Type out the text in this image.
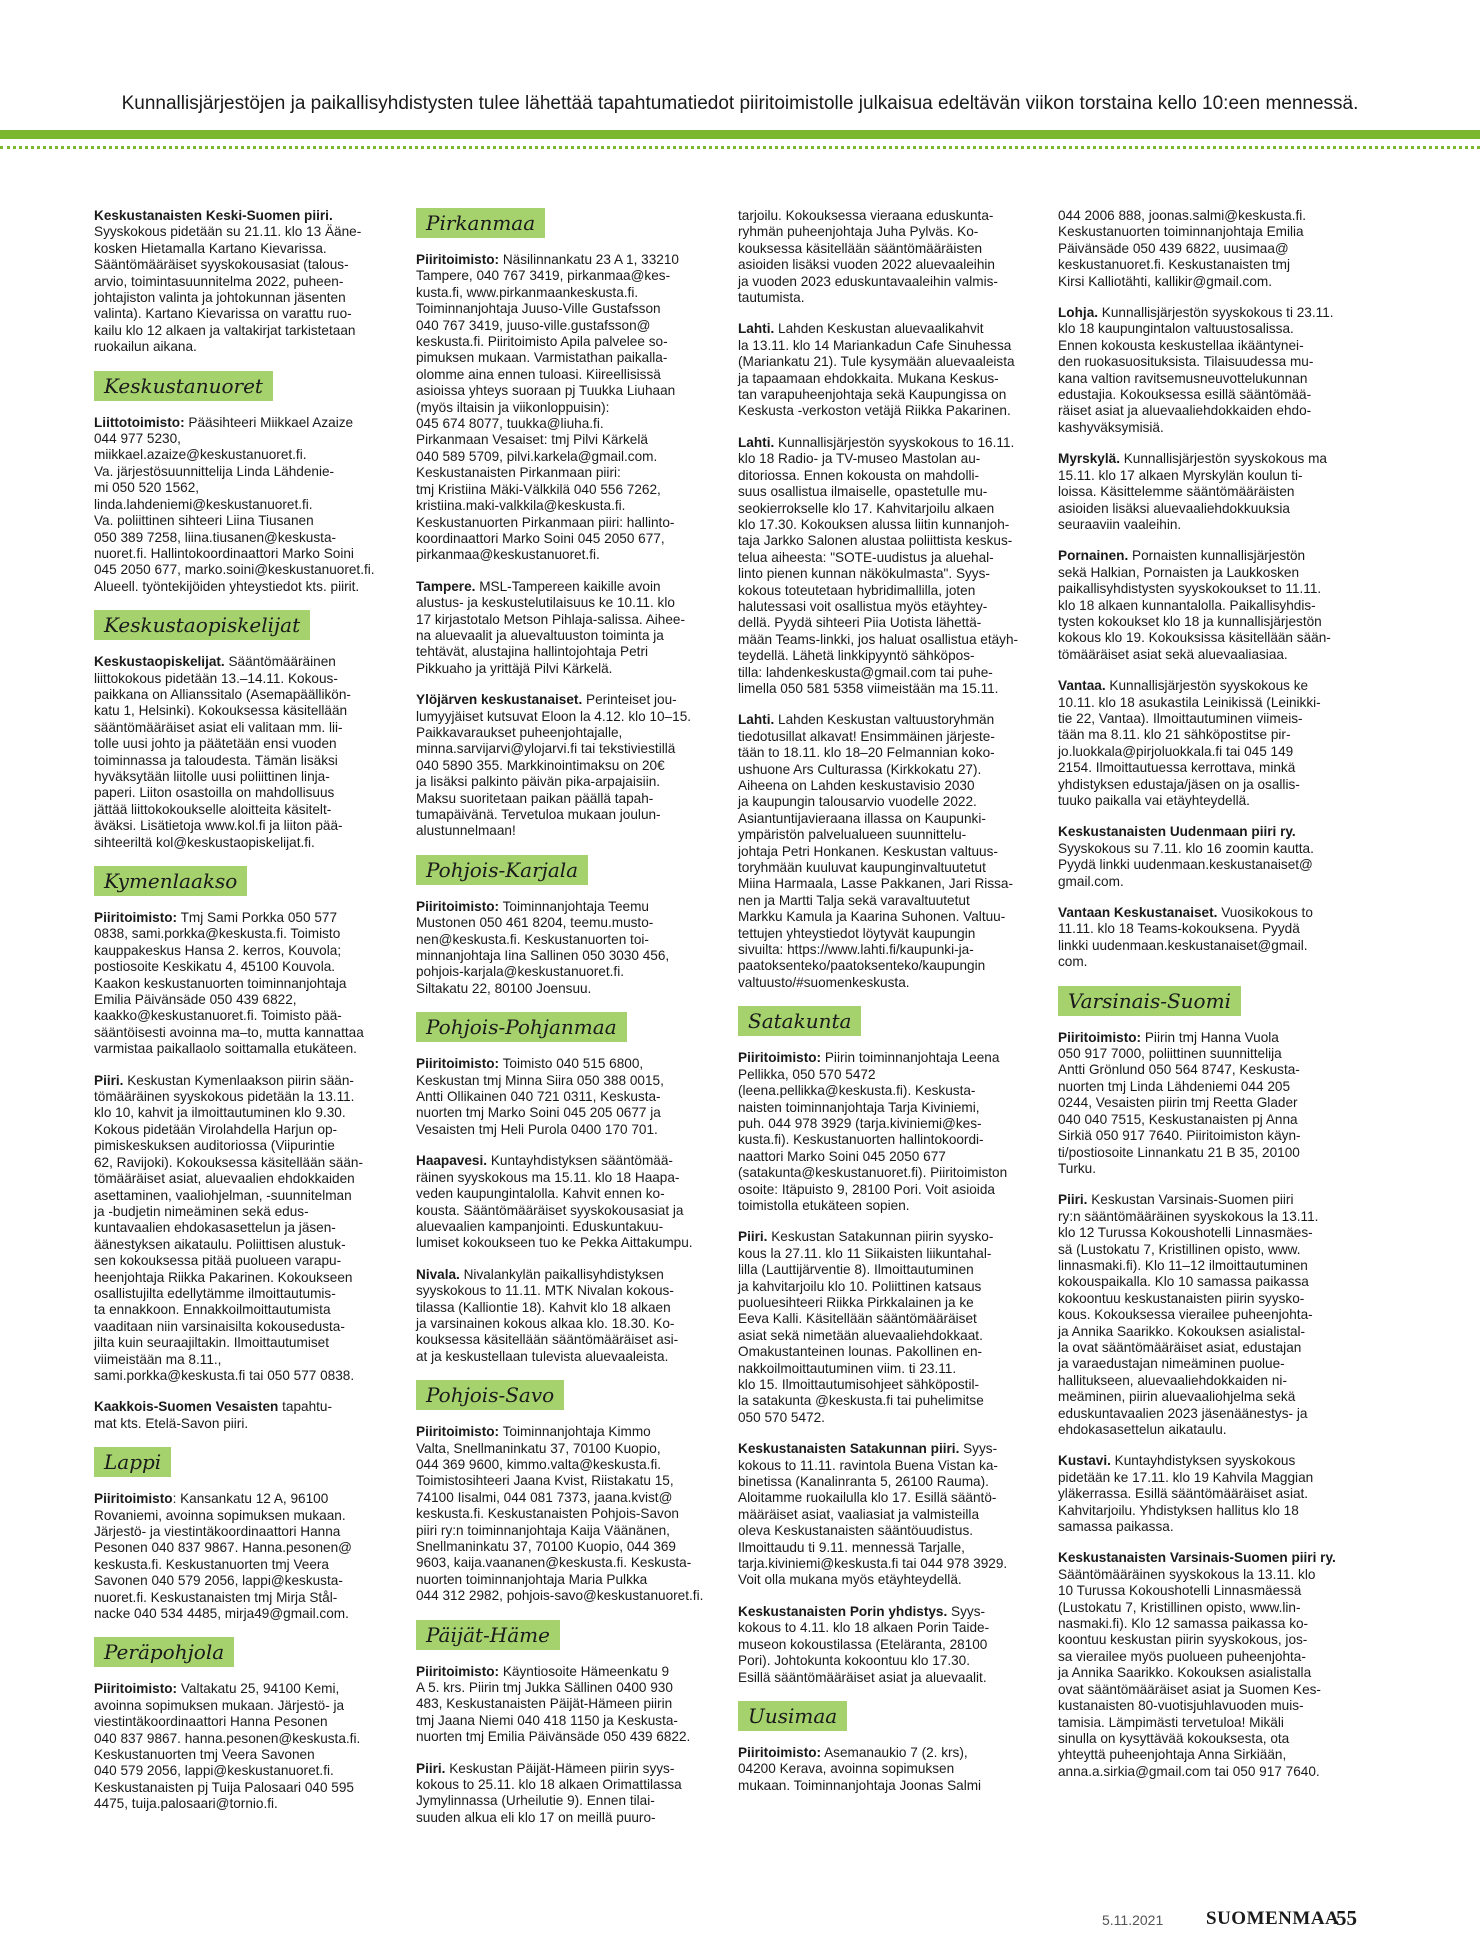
Kunnallisjärjestöjen ja paikallisyhdistysten tulee lähettää tapahtumatiedot piiritoimistolle julkaisua edeltävän viikon torstaina kello 10:een mennessä.
Keskustanaisten Keski-Suomen piiri.
Syyskokous pidetään su 21.11. klo 13 Ääne-
kosken Hietamalla Kartano Kievarissa.
Sääntömääräiset syyskokousasiat (talous-
arvio, toimintasuunnitelma 2022, puheen-
johtajiston valinta ja johtokunnan jäsenten
valinta). Kartano Kievarissa on varattu ruo-
kailu klo 12 alkaen ja valtakirjat tarkistetaan
ruokailun aikana.
Keskustanuoret
Liittotoimisto: Pääsihteeri Miikkael Azaize
044 977 5230,
miikkael.azaize@keskustanuoret.fi.
Va. järjestösuunnittelija Linda Lähdenie-
mi 050 520 1562,
linda.lahdeniemi@keskustanuoret.fi.
Va. poliittinen sihteeri Liina Tiusanen
050 389 7258, liina.tiusanen@keskusta-
nuoret.fi. Hallintokoordinaattori Marko Soini
045 2050 677, marko.soini@keskustanuoret.fi.
Alueell. työntekijöiden yhteystiedot kts. piirit.
Keskustaopiskelijat
Keskustaopiskelijat. Sääntömääräinen
liittokokous pidetään 13.–14.11. Kokous-
paikkana on Allianssitalo (Asemapäällikön-
katu 1, Helsinki). Kokouksessa käsitellään
sääntömääräiset asiat eli valitaan mm. lii-
tolle uusi johto ja päätetään ensi vuoden
toiminnassa ja taloudesta. Tämän lisäksi
hyväksytään liitolle uusi poliittinen linja-
paperi. Liiton osastoilla on mahdollisuus
jättää liittokokoukselle aloitteita käsitelt-
äväksi. Lisätietoja www.kol.fi ja liiton pää-
sihteeriltä kol@keskustaopiskelijat.fi.
Kymenlaakso
Piiritoimisto: Tmj Sami Porkka 050 577
0838, sami.porkka@keskusta.fi. Toimisto
kauppakeskus Hansa 2. kerros, Kouvola;
postiosoite Keskikatu 4, 45100 Kouvola.
Kaakon keskustanuorten toiminnanjohtaja
Emilia Päivänsäde 050 439 6822,
kaakko@keskustanuoret.fi. Toimisto pää-
sääntöisesti avoinna ma–to, mutta kannattaa
varmistaa paikallaolo soittamalla etukäteen.
Piiri. Keskustan Kymenlaakson piirin sään-
tömääräinen syyskokous pidetään la 13.11.
klo 10, kahvit ja ilmoittautuminen klo 9.30.
Kokous pidetään Virolahdella Harjun op-
pimiskeskuksen auditoriossa (Viipurintie
62, Ravijoki). Kokouksessa käsitellään sään-
tömääräiset asiat, aluevaalien ehdokkaiden
asettaminen, vaaliohjelman, -suunnitelman
ja -budjetin nimeäminen sekä edus-
kuntavaalien ehdokasasettelun ja jäsen-
äänestyksen aikataulu. Poliittisen alustuk-
sen kokouksessa pitää puolueen varapu-
heenjohtaja Riikka Pakarinen. Kokoukseen
osallistujilta edellytämme ilmoittautumis-
ta ennakkoon. Ennakkoilmoittautumista
vaaditaan niin varsinaisilta kokousedusta-
jilta kuin seuraajiltakin. Ilmoittautumiset
viimeistään ma 8.11.,
sami.porkka@keskusta.fi tai 050 577 0838.
Kaakkois-Suomen Vesaisten tapahtu-
mat kts. Etelä-Savon piiri.
Lappi
Piiritoimisto: Kansankatu 12 A, 96100
Rovaniemi, avoinna sopimuksen mukaan.
Järjestö- ja viestintäkoordinaattori Hanna
Pesonen 040 837 9867. Hanna.pesonen@
keskusta.fi. Keskustanuorten tmj Veera
Savonen 040 579 2056, lappi@keskusta-
nuoret.fi. Keskustanaisten tmj Mirja Stål-
nacke 040 534 4485, mirja49@gmail.com.
Peräpohjola
Piiritoimisto: Valtakatu 25, 94100 Kemi,
avoinna sopimuksen mukaan. Järjestö- ja
viestintäkoordinaattori Hanna Pesonen
040 837 9867. hanna.pesonen@keskusta.fi.
Keskustanuorten tmj Veera Savonen
040 579 2056, lappi@keskustanuoret.fi.
Keskustanaisten pj Tuija Palosaari 040 595
4475, tuija.palosaari@tornio.fi.
Pirkanmaa
Piiritoimisto: Näsilinnankatu 23 A 1, 33210
Tampere, 040 767 3419, pirkanmaa@kes-
kusta.fi, www.pirkanmaankeskusta.fi.
Toiminnanjohtaja Juuso-Ville Gustafsson
040 767 3419, juuso-ville.gustafsson@
keskusta.fi. Piiritoimisto Apila palvelee so-
pimuksen mukaan. Varmistathan paikalla-
olomme aina ennen tuloasi. Kiireellisissä
asioissa yhteys suoraan pj Tuukka Liuhaan
(myös iltaisin ja viikonloppuisin):
045 674 8077, tuukka@liuha.fi.
Pirkanmaan Vesaiset: tmj Pilvi Kärkelä
040 589 5709, pilvi.karkela@gmail.com.
Keskustanaisten Pirkanmaan piiri:
tmj Kristiina Mäki-Välkkilä 040 556 7262,
kristiina.maki-valkkila@keskusta.fi.
Keskustanuorten Pirkanmaan piiri: hallinto-
koordinaattori Marko Soini 045 2050 677,
pirkanmaa@keskustanuoret.fi.
Tampere. MSL-Tampereen kaikille avoin
alustus- ja keskustelutilaisuus ke 10.11. klo
17 kirjastotalo Metson Pihlaja-salissa. Aihee-
na aluevaalit ja aluevaltuuston toiminta ja
tehtävät, alustajina hallintojohtaja Petri
Pikkuaho ja yrittäjä Pilvi Kärkelä.
Ylöjärven keskustanaiset. Perinteiset jou-
lumyyjäiset kutsuvat Eloon la 4.12. klo 10–15.
Paikkavaraukset puheenjohtajalle,
minna.sarvijarvi@ylojarvi.fi tai tekstiviestillä
040 5890 355. Markkinointimaksu on 20€
ja lisäksi palkinto päivän pika-arpajaisiin.
Maksu suoritetaan paikan päällä tapah-
tumapäivänä. Tervetuloa mukaan joulun-
alustunnelmaan!
Pohjois-Karjala
Piiritoimisto: Toiminnanjohtaja Teemu
Mustonen 050 461 8204, teemu.musto-
nen@keskusta.fi. Keskustanuorten toi-
minnanjohtaja Iina Sallinen 050 3030 456,
pohjois-karjala@keskustanuoret.fi.
Siltakatu 22, 80100 Joensuu.
Pohjois-Pohjanmaa
Piiritoimisto: Toimisto 040 515 6800,
Keskustan tmj Minna Siira 050 388 0015,
Antti Ollikainen 040 721 0311, Keskusta-
nuorten tmj Marko Soini 045 205 0677 ja
Vesaisten tmj Heli Purola 0400 170 701.
Haapavesi. Kuntayhdistyksen sääntömää-
räinen syyskokous ma 15.11. klo 18 Haapa-
veden kaupungintalolla. Kahvit ennen ko-
kousta. Sääntömääräiset syyskokousasiat ja
aluevaalien kampanjointi. Eduskuntakuu-
lumiset kokoukseen tuo ke Pekka Aittakumpu.
Nivala. Nivalankylän paikallisyhdistyksen
syyskokous to 11.11. MTK Nivalan kokous-
tilassa (Kalliontie 18). Kahvit klo 18 alkaen
ja varsinainen kokous alkaa klo. 18.30. Ko-
kouksessa käsitellään sääntömääräiset asi-
at ja keskustellaan tulevista aluevaaleista.
Pohjois-Savo
Piiritoimisto: Toiminnanjohtaja Kimmo
Valta, Snellmaninkatu 37, 70100 Kuopio,
044 369 9600, kimmo.valta@keskusta.fi.
Toimistosihteeri Jaana Kvist, Riistakatu 15,
74100 Iisalmi, 044 081 7373, jaana.kvist@
keskusta.fi. Keskustanaisten Pohjois-Savon
piiri ry:n toiminnanjohtaja Kaija Väänänen,
Snellmaninkatu 37, 70100 Kuopio, 044 369
9603, kaija.vaananen@keskusta.fi. Keskusta-
nuorten toiminnanjohtaja Maria Pulkka
044 312 2982, pohjois-savo@keskustanuoret.fi.
Päijät-Häme
Piiritoimisto: Käyntiosoite Hämeenkatu 9
A 5. krs. Piirin tmj Jukka Sällinen 0400 930
483, Keskustanaisten Päijät-Hämeen piirin
tmj Jaana Niemi 040 418 1150 ja Keskusta-
nuorten tmj Emilia Päivänsäde 050 439 6822.
Piiri. Keskustan Päijät-Hämeen piirin syys-
kokous to 25.11. klo 18 alkaen Orimattilassa
Jymylinnassa (Urheilutie 9). Ennen tilai-
suuden alkua eli klo 17 on meillä puuro-
tarjoilu. Kokouksessa vieraana eduskunta-
ryhmän puheenjohtaja Juha Pylväs. Ko-
kouksessa käsitellään sääntömääräisten
asioiden lisäksi vuoden 2022 aluevaaleihin
ja vuoden 2023 eduskuntavaaleihin valmis-
tautumista.
Lahti. Lahden Keskustan aluevaalikahvit
la 13.11. klo 14 Mariankadun Cafe Sinuhessa
(Mariankatu 21). Tule kysymään aluevaaleista
ja tapaamaan ehdokkaita. Mukana Keskus-
tan varapuheenjohtaja sekä Kaupungissa on
Keskusta -verkoston vetäjä Riikka Pakarinen.
Lahti. Kunnallisjärjestön syyskokous to 16.11.
klo 18 Radio- ja TV-museo Mastolan au-
ditoriossa. Ennen kokousta on mahdolli-
suus osallistua ilmaiselle, opastetulle mu-
seokierrokselle klo 17. Kahvitarjoilu alkaen
klo 17.30. Kokouksen alussa liitin kunnanjoh-
taja Jarkko Salonen alustaa poliittista keskus-
telua aiheesta: "SOTE-uudistus ja aluehal-
linto pienen kunnan näkökulmasta". Syys-
kokous toteutetaan hybridimallilla, joten
halutessasi voit osallistua myös etäyhtey-
dellä. Pyydä sihteeri Piia Uotista lähettä-
mään Teams-linkki, jos haluat osallistua etäyh-
teydellä. Lähetä linkkipyyntö sähköpos-
tilla: lahdenkeskusta@gmail.com tai puhe-
limella 050 581 5358 viimeistään ma 15.11.
Lahti. Lahden Keskustan valtuustoryhmän
tiedotusillat alkavat! Ensimmäinen järjeste-
tään to 18.11. klo 18–20 Felmannian koko-
ushuone Ars Culturassa (Kirkkokatu 27).
Aiheena on Lahden keskustavisio 2030
ja kaupungin talousarvio vuodelle 2022.
Asiantuntijavieraana illassa on Kaupunki-
ympäristön palvelualueen suunnittelu-
johtaja Petri Honkanen. Keskustan valtuus-
toryhmään kuuluvat kaupunginvaltuutetut
Miina Harmaala, Lasse Pakkanen, Jari Rissa-
nen ja Martti Talja sekä varavaltuutetut
Markku Kamula ja Kaarina Suhonen. Valtuu-
tettujen yhteystiedot löytyvät kaupungin
sivuilta: https://www.lahti.fi/kaupunki-ja-
paatoksenteko/paatoksenteko/kaupungin
valtuusto/#suomenkeskusta.
Satakunta
Piiritoimisto: Piirin toiminnanjohtaja Leena
Pellikka, 050 570 5472
(leena.pellikka@keskusta.fi). Keskusta-
naisten toiminnanjohtaja Tarja Kiviniemi,
puh. 044 978 3929 (tarja.kiviniemi@kes-
kusta.fi). Keskustanuorten hallintokoordi-
naattori Marko Soini 045 2050 677
(satakunta@keskustanuoret.fi). Piiritoimiston
osoite: Itäpuisto 9, 28100 Pori. Voit asioida
toimistolla etukäteen sopien.
Piiri. Keskustan Satakunnan piirin syysko-
kous la 27.11. klo 11 Siikaisten liikuntahal-
lilla (Lauttijärventie 8). Ilmoittautuminen
ja kahvitarjoilu klo 10. Poliittinen katsaus
puoluesihteeri Riikka Pirkkalainen ja ke
Eeva Kalli. Käsitellään sääntömääräiset
asiat sekä nimetään aluevaaliehdokkaat.
Omakustanteinen lounas. Pakollinen en-
nakkoilmoittautuminen viim. ti 23.11.
klo 15. Ilmoittautumisohjeet sähköpostil-
la satakunta @keskusta.fi tai puhelimitse
050 570 5472.
Keskustanaisten Satakunnan piiri. Syys-
kokous to 11.11. ravintola Buena Vistan ka-
binetissa (Kanalinranta 5, 26100 Rauma).
Aloitamme ruokailulla klo 17. Esillä sääntö-
määräiset asiat, vaaliasiat ja valmisteilla
oleva Keskustanaisten sääntöuudistus.
Ilmoittaudu ti 9.11. mennessä Tarjalle,
tarja.kiviniemi@keskusta.fi tai 044 978 3929.
Voit olla mukana myös etäyhteydellä.
Keskustanaisten Porin yhdistys. Syys-
kokous to 4.11. klo 18 alkaen Porin Taide-
museon kokoustilassa (Eteläranta, 28100
Pori). Johtokunta kokoontuu klo 17.30.
Esillä sääntömääräiset asiat ja aluevaalit.
Uusimaa
Piiritoimisto: Asemanaukio 7 (2. krs),
04200 Kerava, avoinna sopimuksen
mukaan. Toiminnanjohtaja Joonas Salmi
044 2006 888, joonas.salmi@keskusta.fi.
Keskustanuorten toiminnanjohtaja Emilia
Päivänsäde 050 439 6822, uusimaa@
keskustanuoret.fi. Keskustanaisten tmj
Kirsi Kalliotähti, kallikir@gmail.com.
Lohja. Kunnallisjärjestön syyskokous ti 23.11.
klo 18 kaupungintalon valtuustosalissa.
Ennen kokousta keskustellaa ikääntynei-
den ruokasuosituksista. Tilaisuudessa mu-
kana valtion ravitsemusneuvottelukunnan
edustajia. Kokouksessa esillä sääntömää-
räiset asiat ja aluevaaliehdokkaiden ehdo-
kashyväksymisiä.
Myrskylä. Kunnallisjärjestön syyskokous ma
15.11. klo 17 alkaen Myrskylän koulun ti-
loissa. Käsittelemme sääntömääräisten
asioiden lisäksi aluevaaliehdokkuuksia
seuraaviin vaaleihin.
Pornainen. Pornaisten kunnallisjärjestön
sekä Halkian, Pornaisten ja Laukkosken
paikallisyhdistysten syyskokoukset to 11.11.
klo 18 alkaen kunnantalolla. Paikallisyhdis-
tysten kokoukset klo 18 ja kunnallisjärjestön
kokous klo 19. Kokouksissa käsitellään sään-
tömääräiset asiat sekä aluevaaliasiaa.
Vantaa. Kunnallisjärjestön syyskokous ke
10.11. klo 18 asukastila Leinikissä (Leinikki-
tie 22, Vantaa). Ilmoittautuminen viimeis-
tään ma 8.11. klo 21 sähköpostitse pir-
jo.luokkala@pirjoluokkala.fi tai 045 149
2154. Ilmoittautuessa kerrottava, minkä
yhdistyksen edustaja/jäsen on ja osallis-
tuuko paikalla vai etäyhteydellä.
Keskustanaisten Uudenmaan piiri ry.
Syyskokous su 7.11. klo 16 zoomin kautta.
Pyydä linkki uudenmaan.keskustanaiset@
gmail.com.
Vantaan Keskustanaiset. Vuosikokous to
11.11. klo 18 Teams-kokouksena. Pyydä
linkki uudenmaan.keskustanaiset@gmail.
com.
Varsinais-Suomi
Piiritoimisto: Piirin tmj Hanna Vuola
050 917 7000, poliittinen suunnittelija
Antti Grönlund 050 564 8747, Keskusta-
nuorten tmj Linda Lähdeniemi 044 205
0244, Vesaisten piirin tmj Reetta Glader
040 040 7515, Keskustanaisten pj Anna
Sirkiä 050 917 7640. Piiritoimiston käyn-
ti/postiosoite Linnankatu 21 B 35, 20100
Turku.
Piiri. Keskustan Varsinais-Suomen piiri
ry:n sääntömääräinen syyskokous la 13.11.
klo 12 Turussa Kokoushotelli Linnasmäes-
sä (Lustokatu 7, Kristillinen opisto, www.
linnasmaki.fi). Klo 11–12 ilmoittautuminen
kokouspaikalla. Klo 10 samassa paikassa
kokoontuu keskustanaisten piirin syysko-
kous. Kokouksessa vierailee puheenjohta-
ja Annika Saarikko. Kokouksen asialistal-
la ovat sääntömääräiset asiat, edustajan
ja varaedustajan nimeäminen puolue-
hallitukseen, aluevaaliehdokkaiden ni-
meäminen, piirin aluevaaliohjelma sekä
eduskuntavaalien 2023 jäsenäänestys- ja
ehdokasasettelun aikataulu.
Kustavi. Kuntayhdistyksen syyskokous
pidetään ke 17.11. klo 19 Kahvila Maggian
yläkerrassa. Esillä sääntömääräiset asiat.
Kahvitarjoilu. Yhdistyksen hallitus klo 18
samassa paikassa.
Keskustanaisten Varsinais-Suomen piiri ry.
Sääntömääräinen syyskokous la 13.11. klo
10 Turussa Kokoushotelli Linnasmäessä
(Lustokatu 7, Kristillinen opisto, www.lin-
nasmaki.fi). Klo 12 samassa paikassa ko-
koontuu keskustan piirin syyskokous, jos-
sa vierailee myös puolueen puheenjohta-
ja Annika Saarikko. Kokouksen asialistalla
ovat sääntömääräiset asiat ja Suomen Kes-
kustanaisten 80-vuotisjuhlavuoden muis-
tamisia. Lämpimästi tervetuloa! Mikäli
sinulla on kysyttävää kokouksesta, ota
yhteyttä puheenjohtaja Anna Sirkiään,
anna.a.sirkia@gmail.com tai 050 917 7640.
5.11.2021 SUOMENMAA
55
